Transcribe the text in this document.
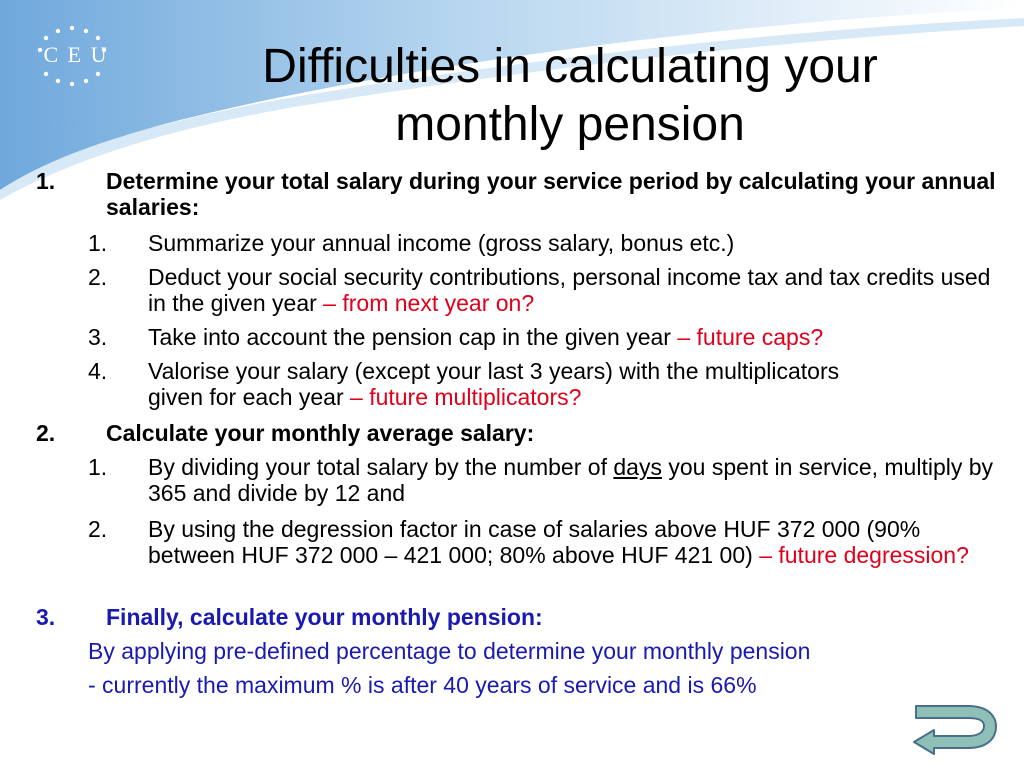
C E U	Difficulties in calculating your monthly pension
1. Determine your total salary during your service period by calculating your annual salaries:
1. Summarize your annual income (gross salary, bonus etc.)
2. Deduct your social security contributions, personal income tax and tax credits used in the given year – from next year on?
3. Take into account the pension cap in the given year – future caps?
4. Valorise your salary (except your last 3 years) with the multiplicators given for each year – future multiplicators?
2. Calculate your monthly average salary:
1. By dividing your total salary by the number of days you spent in service, multiply by 365 and divide by 12 and
2. By using the degression factor in case of salaries above HUF 372 000 (90% between HUF 372 000 – 421 000; 80% above HUF 421 00) – future degression?
3. Finally, calculate your monthly pension:
By applying pre-defined percentage to determine your monthly pension
- currently the maximum % is after 40 years of service and is 66%
